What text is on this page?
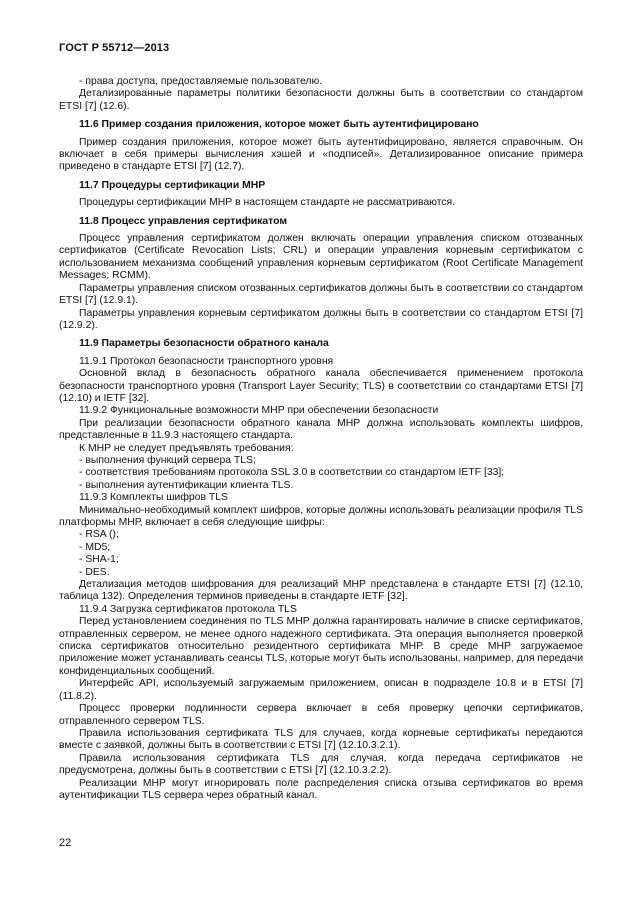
ГОСТ Р 55712—2013

- права доступа, предоставляемые пользователю.

Детализированные параметры политики безопасности должны быть в соответствии со стандартом ETSI [7] (12.6).

11.6 Пример создания приложения, которое может быть аутентифицировано

Пример создания приложения, которое может быть аутентифицировано, является справочным. Он включает в себя примеры вычисления хэшей и «подписей». Детализированное описание примера приведено в стандарте ETSI [7] (12.7).

11.7 Процедуры сертификации МНР

Процедуры сертификации МНР в настоящем стандарте не рассматриваются.

11.8 Процесс управления сертификатом

Процесс управления сертификатом должен включать операции управления списком отозванных сертификатов (Certificate Revocation Lists; CRL) и операции управления корневым сертификатом с использованием механизма сообщений управления корневым сертификатом (Root Certificate Management Messages; RCMM).

Параметры управления списком отозванных сертификатов должны быть в соответствии со стандартом ETSI [7] (12.9.1).

Параметры управления корневым сертификатом должны быть в соответствии со стандартом ETSI [7] (12.9.2).

11.9 Параметры безопасности обратного канала

11.9.1 Протокол безопасности транспортного уровня

Основной вклад в безопасность обратного канала обеспечивается применением протокола безопасности транспортного уровня (Transport Layer Security; TLS) в соответствии со стандартами ETSI [7] (12.10) и IETF [32].

11.9.2 Функциональные возможности МНР при обеспечении безопасности

При реализации безопасности обратного канала МНР должна использовать комплекты шифров, представленные в 11.9.3 настоящего стандарта.

К МНР не следует предъявлять требования:

- выполнения функций сервера TLS;

- соответствия требованиям протокола SSL 3.0 в соответствии со стандартом IETF [33];

- выполнения аутентификации клиента TLS.

11.9.3 Комплекты шифров TLS

Минимально-необходимый комплект шифров, которые должны использовать реализации профиля TLS платформы МНР, включает в себя следующие шифры:

- RSA ();

- MD5;

- SHA-1;

- DES.

Детализация методов шифрования для реализаций МНР представлена в стандарте ETSI [7] (12.10, таблица 132). Определения терминов приведены в стандарте IETF [32].

11.9.4 Загрузка сертификатов протокола TLS

Перед установлением соединения по TLS МНР должна гарантировать наличие в списке сертификатов, отправленных сервером, не менее одного надежного сертификата. Эта операция выполняется проверкой списка сертификатов относительно резидентного сертификата МНР. В среде МНР загружаемое приложение может устанавливать сеансы TLS, которые могут быть использованы, например, для передачи конфиденциальных сообщений.

Интерфейс API, используемый загружаемым приложением, описан в подразделе 10.8 и в ETSI [7] (11.8.2).

Процесс проверки подлинности сервера включает в себя проверку цепочки сертификатов, отправленного сервером TLS.

Правила использования сертификата TLS для случаев, когда корневые сертификаты передаются вместе с заявкой, должны быть в соответствии с ETSI [7] (12.10.3.2.1).

Правила использования сертификата TLS для случая, когда передача сертификатов не предусмотрена, должны быть в соответствии с ETSI [7] (12.10.3.2.2).

Реализации МНР могут игнорировать поле распределения списка отзыва сертификатов во время аутентификации TLS сервера через обратный канал.

22
